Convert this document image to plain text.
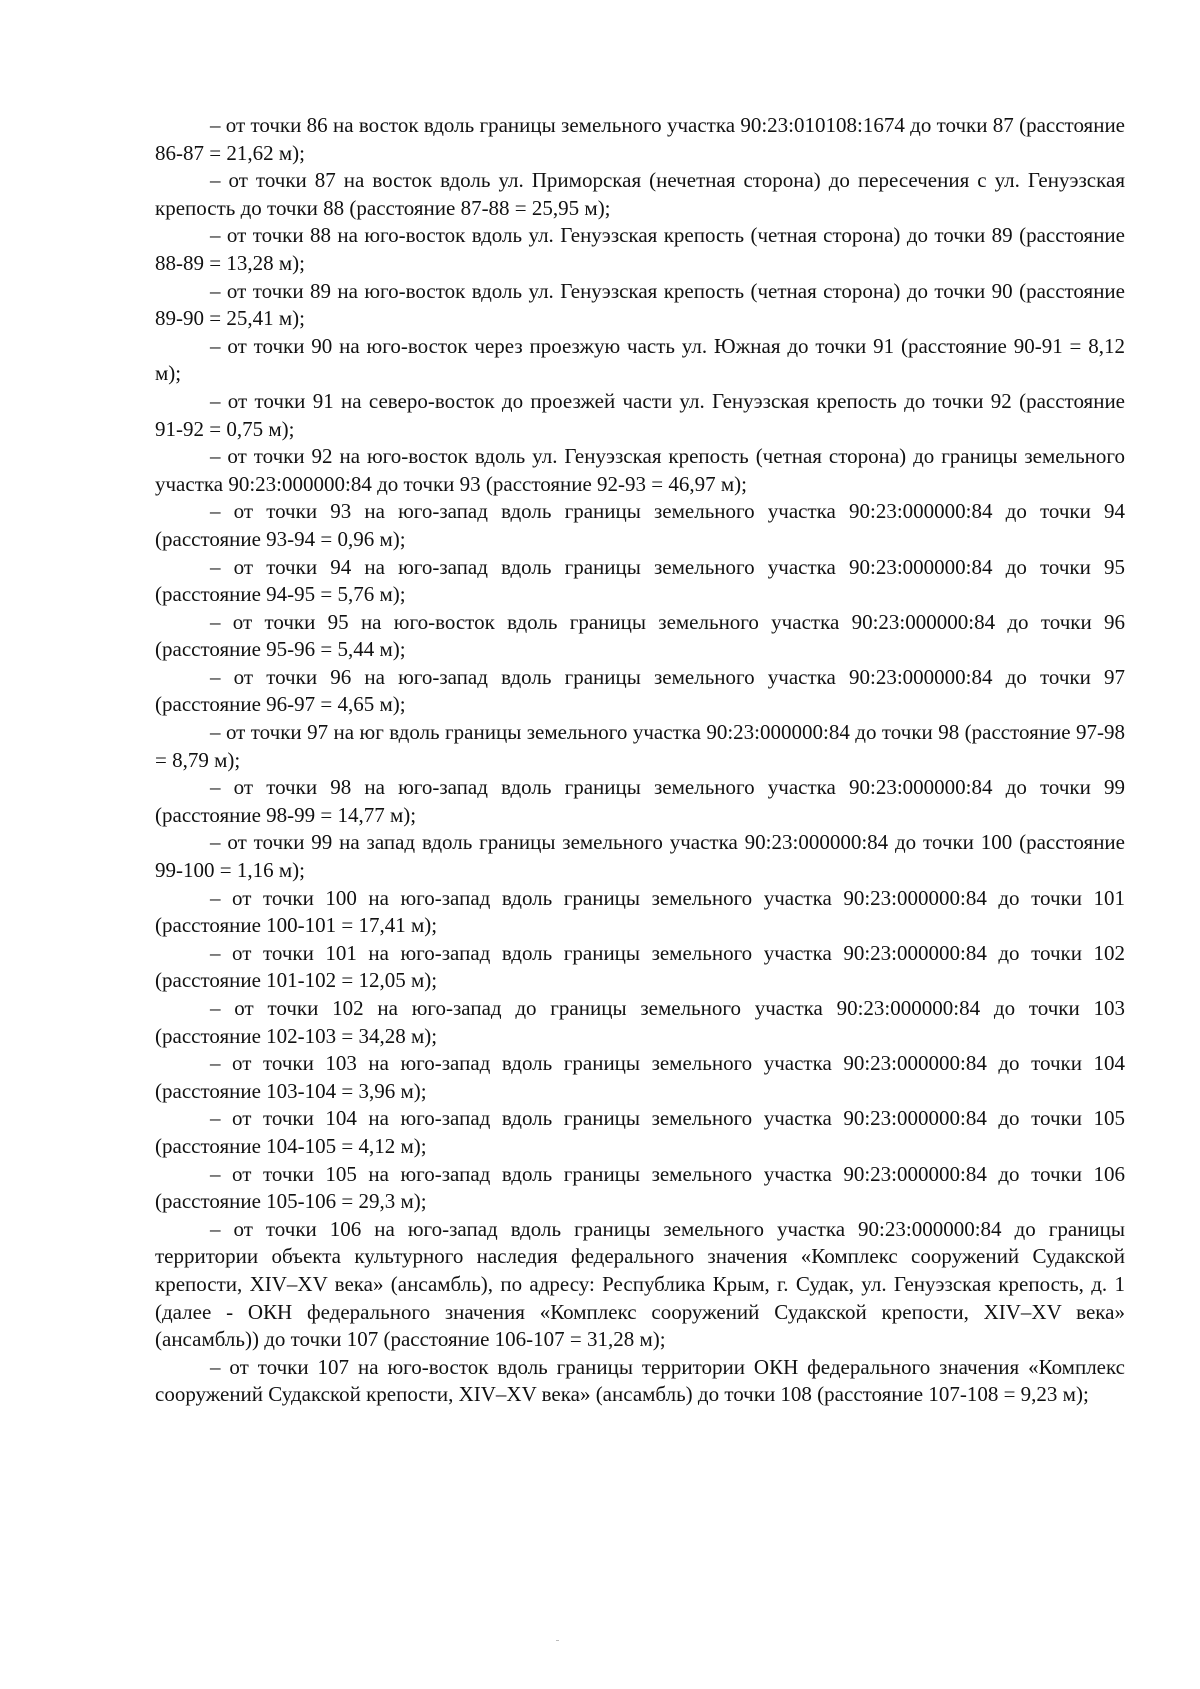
– от точки 86 на восток вдоль границы земельного участка 90:23:010108:1674 до точки 87 (расстояние 86-87 = 21,62 м);

– от точки 87 на восток вдоль ул. Приморская (нечетная сторона) до пересечения с ул. Генуэзская крепость до точки 88 (расстояние 87-88 = 25,95 м);

– от точки 88 на юго-восток вдоль ул. Генуэзская крепость (четная сторона) до точки 89 (расстояние 88-89 = 13,28 м);

– от точки 89 на юго-восток вдоль ул. Генуэзская крепость (четная сторона) до точки 90 (расстояние 89-90 = 25,41 м);

– от точки 90 на юго-восток через проезжую часть ул. Южная до точки 91 (расстояние 90-91 = 8,12 м);

– от точки 91 на северо-восток до проезжей части ул. Генуэзская крепость до точки 92 (расстояние 91-92 = 0,75 м);

– от точки 92 на юго-восток вдоль ул. Генуэзская крепость (четная сторона) до границы земельного участка 90:23:000000:84 до точки 93 (расстояние 92-93 = 46,97 м);

– от точки 93 на юго-запад вдоль границы земельного участка 90:23:000000:84 до точки 94 (расстояние 93-94 = 0,96 м);

– от точки 94 на юго-запад вдоль границы земельного участка 90:23:000000:84 до точки 95 (расстояние 94-95 = 5,76 м);

– от точки 95 на юго-восток вдоль границы земельного участка 90:23:000000:84 до точки 96 (расстояние 95-96 = 5,44 м);

– от точки 96 на юго-запад вдоль границы земельного участка 90:23:000000:84 до точки 97 (расстояние 96-97 = 4,65 м);

– от точки 97 на юг вдоль границы земельного участка 90:23:000000:84 до точки 98 (расстояние 97-98 = 8,79 м);

– от точки 98 на юго-запад вдоль границы земельного участка 90:23:000000:84 до точки 99 (расстояние 98-99 = 14,77 м);

– от точки 99 на запад вдоль границы земельного участка 90:23:000000:84 до точки 100 (расстояние 99-100 = 1,16 м);

– от точки 100 на юго-запад вдоль границы земельного участка 90:23:000000:84 до точки 101 (расстояние 100-101 = 17,41 м);

– от точки 101 на юго-запад вдоль границы земельного участка 90:23:000000:84 до точки 102 (расстояние 101-102 = 12,05 м);

– от точки 102 на юго-запад до границы земельного участка 90:23:000000:84 до точки 103 (расстояние 102-103 = 34,28 м);

– от точки 103 на юго-запад вдоль границы земельного участка 90:23:000000:84 до точки 104 (расстояние 103-104 = 3,96 м);

– от точки 104 на юго-запад вдоль границы земельного участка 90:23:000000:84 до точки 105 (расстояние 104-105 = 4,12 м);

– от точки 105 на юго-запад вдоль границы земельного участка 90:23:000000:84 до точки 106 (расстояние 105-106 = 29,3 м);

– от точки 106 на юго-запад вдоль границы земельного участка 90:23:000000:84 до границы территории объекта культурного наследия федерального значения «Комплекс сооружений Судакской крепости, XIV–XV века» (ансамбль), по адресу: Республика Крым, г. Судак, ул. Генуэзская крепость, д. 1 (далее - ОКН федерального значения «Комплекс сооружений Судакской крепости, XIV–XV века» (ансамбль)) до точки 107 (расстояние 106-107 = 31,28 м);

– от точки 107 на юго-восток вдоль границы территории ОКН федерального значения «Комплекс сооружений Судакской крепости, XIV–XV века» (ансамбль) до точки 108 (расстояние 107-108 = 9,23 м);
